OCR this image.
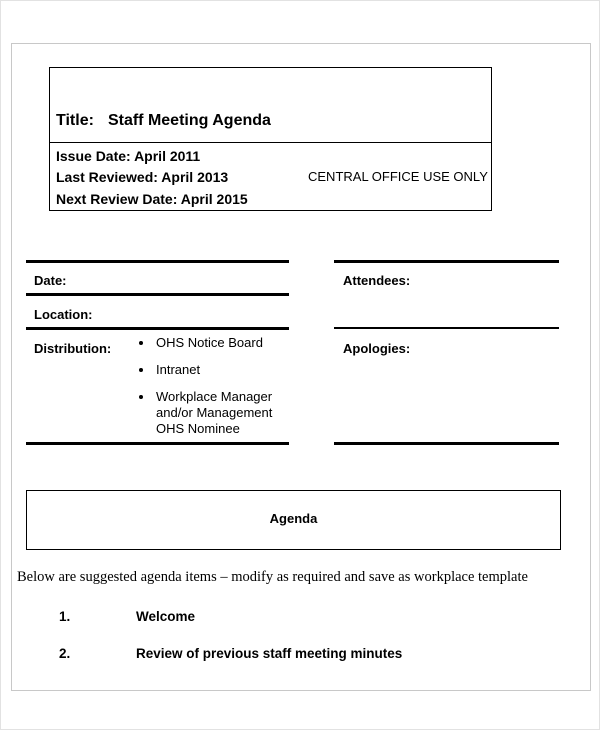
Title: Staff Meeting Agenda
Issue Date: April 2011
Last Reviewed: April 2013
Next Review Date: April 2015
CENTRAL OFFICE USE ONLY
Date:
Location:
Distribution:
Attendees:
Apologies:
OHS Notice Board
Intranet
Workplace Manager
and/or Management
OHS Nominee
Agenda
Below are suggested agenda items – modify as required and save as workplace template
1.	Welcome
2.	Review of previous staff meeting minutes
